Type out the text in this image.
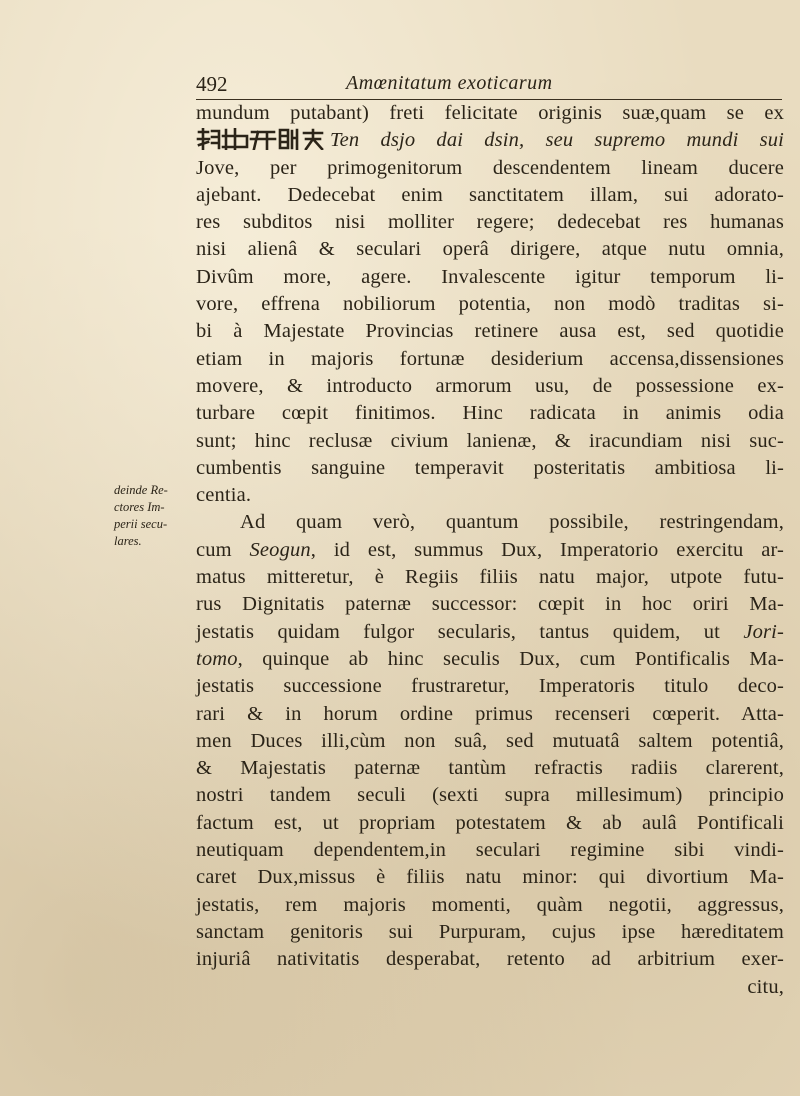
492	Amœnitatum exoticarum
deinde Re-
ctores Im-
perii secu-
lares.
mundum putabant) freti felicitate originis suæ,quam se ex
Ten dsjo dai dsin, seu supremo mundi sui
Jove, per primogenitorum descendentem lineam ducere
ajebant. Dedecebat enim sanctitatem illam, sui adorato-
res subditos nisi molliter regere; dedecebat res humanas
nisi alienâ & seculari operâ dirigere, atque nutu omnia,
Divûm more, agere. Invalescente igitur temporum li-
vore, effrena nobiliorum potentia, non modò traditas si-
bi à Majestate Provincias retinere ausa est, sed quotidie
etiam in majoris fortunæ desiderium accensa,dissensiones
movere, & introducto armorum usu, de possessione ex-
turbare cœpit finitimos. Hinc radicata in animis odia
sunt; hinc reclusæ civium lanienæ, & iracundiam nisi suc-
cumbentis sanguine temperavit posteritatis ambitiosa li-
centia.
Ad quam verò, quantum possibile, restringendam,
cum Seogun, id est, summus Dux, Imperatorio exercitu ar-
matus mitteretur, è Regiis filiis natu major, utpote futu-
rus Dignitatis paternæ successor: cœpit in hoc oriri Ma-
jestatis quidam fulgor secularis, tantus quidem, ut Jori-
tomo, quinque ab hinc seculis Dux, cum Pontificalis Ma-
jestatis successione frustraretur, Imperatoris titulo deco-
rari & in horum ordine primus recenseri cœperit. Atta-
men Duces illi,cùm non suâ, sed mutuatâ saltem potentiâ,
& Majestatis paternæ tantùm refractis radiis clarerent,
nostri tandem seculi (sexti supra millesimum) principio
factum est, ut propriam potestatem & ab aulâ Pontificali
neutiquam dependentem,in seculari regimine sibi vindi-
caret Dux,missus è filiis natu minor: qui divortium Ma-
jestatis, rem majoris momenti, quàm negotii, aggressus,
sanctam genitoris sui Purpuram, cujus ipse hæreditatem
injuriâ nativitatis desperabat, retento ad arbitrium exer-
citu,
